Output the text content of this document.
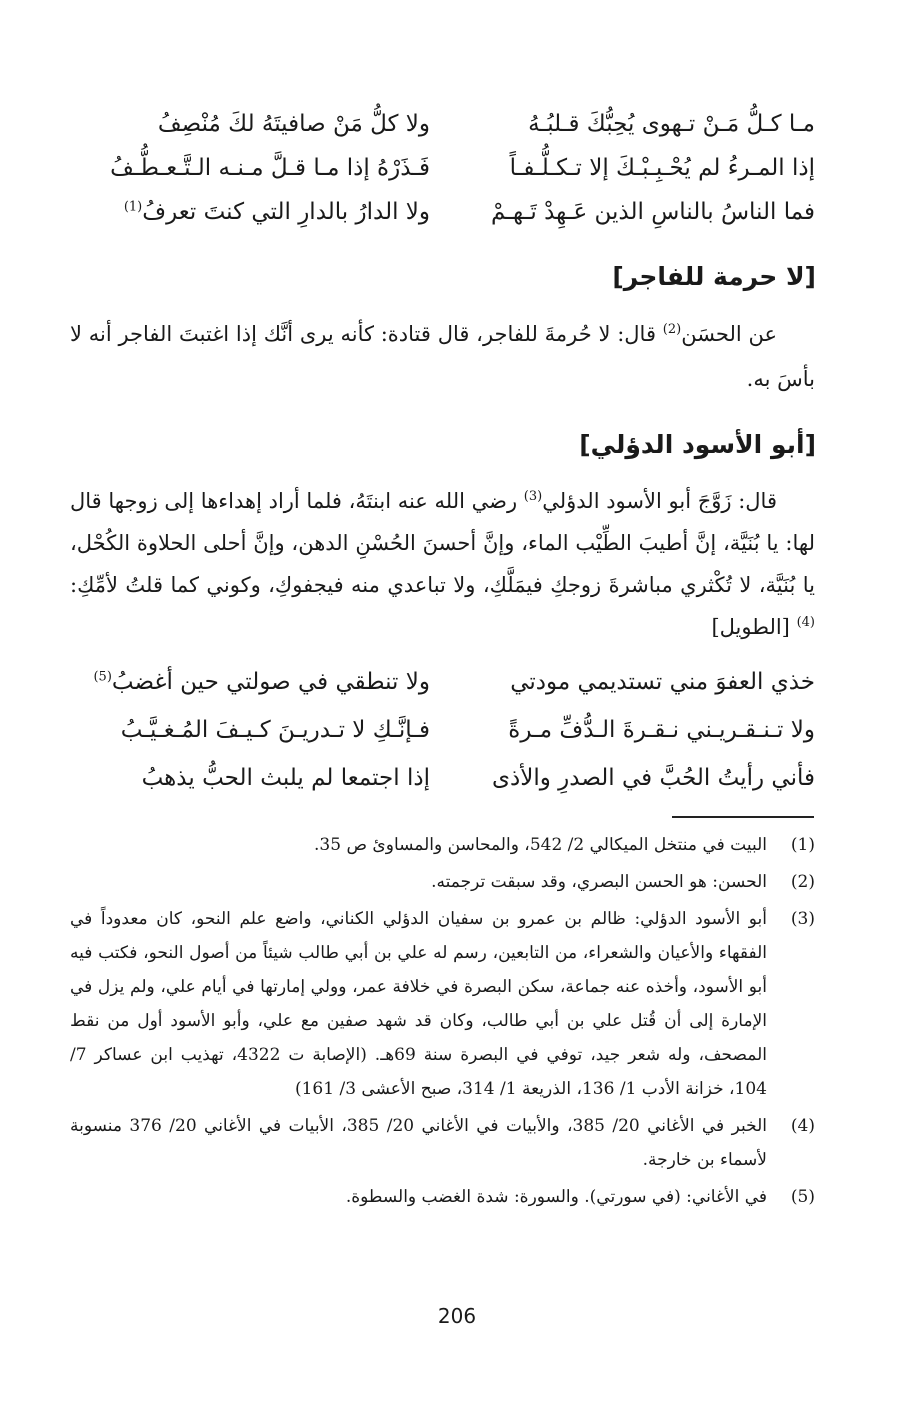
مـا كـلُّ مَـنْ تـهوى يُحِبُّكَ قـلبُـهُ
ولا كلُّ مَنْ صافيتَهُ لكَ مُنْصِفُ
إذا المـرءُ لم يُحْـبِـبْـكَ إلا تـكـلُّـفـاً
فَـذَرْهُ إذا مـا قـلَّ مـنـه الـتَّـعـطُّـفُ
فما الناسُ بالناسِ الذين عَـهِدْ تَـهـمْ
ولا الدارُ بالدارِ التي كنتَ تعرفُ$^{(1)}$
[لا حرمة للفاجر]
عن الحسَن$^{(2)}$ قال: لا حُرمةَ للفاجر، قال قتادة: كأنه يرى أنَّك إذا اغتبتَ الفاجر أنه لا بأسَ به.
[أبو الأسود الدؤلي]
قال: زَوَّجَ أبو الأسود الدؤلي$^{(3)}$ رضي الله عنه ابنتَهُ، فلما أراد إهداءها إلى زوجها قال لها: يا بُنَيَّة، إنَّ أطيبَ الطِّيْب الماء، وإنَّ أحسنَ الحُسْنِ الدهن، وإنَّ أحلى الحلاوة الكُحْل، يا بُنَيَّة، لا تُكْثري مباشرةَ زوجكِ فيمَلَّكِ، ولا تباعدي منه فيجفوكِ، وكوني كما قلتُ لأمِّكِ:$^{(4)}$ [الطويل]
خذي العفوَ مني تستديمي مودتي
ولا تنطقي في صولتي حين أغضبُ$^{(5)}$
ولا تـنـقـريـني نـقـرةَ الـدُّفِّ مـرةً
فـإنَّـكِ لا تـدريـنَ كـيـفَ المُـغـيَّـبُ
فأني رأيتُ الحُبَّ في الصدرِ والأذى
إذا اجتمعا لم يلبث الحبُّ يذهبُ
(1)
البيت في منتخل الميكالي 2/ 542، والمحاسن والمساوئ ص 35.
(2)
الحسن: هو الحسن البصري، وقد سبقت ترجمته.
(3)
أبو الأسود الدؤلي: ظالم بن عمرو بن سفيان الدؤلي الكناني، واضع علم النحو، كان معدوداً في الفقهاء والأعيان والشعراء، من التابعين، رسم له علي بن أبي طالب شيئاً من أصول النحو، فكتب فيه أبو الأسود، وأخذه عنه جماعة، سكن البصرة في خلافة عمر، وولي إمارتها في أيام علي، ولم يزل في الإمارة إلى أن قُتل علي بن أبي طالب، وكان قد شهد صفين مع علي، وأبو الأسود أول من نقط المصحف، وله شعر جيد، توفي في البصرة سنة 69هـ. (الإصابة ت 4322، تهذيب ابن عساكر 7/ 104، خزانة الأدب 1/ 136، الذريعة 1/ 314، صبح الأعشى 3/ 161)
(4)
الخبر في الأغاني 20/ 385، والأبيات في الأغاني 20/ 385، الأبيات في الأغاني 20/ 376 منسوبة لأسماء بن خارجة.
(5)
في الأغاني: (في سورتي). والسورة: شدة الغضب والسطوة.
206
